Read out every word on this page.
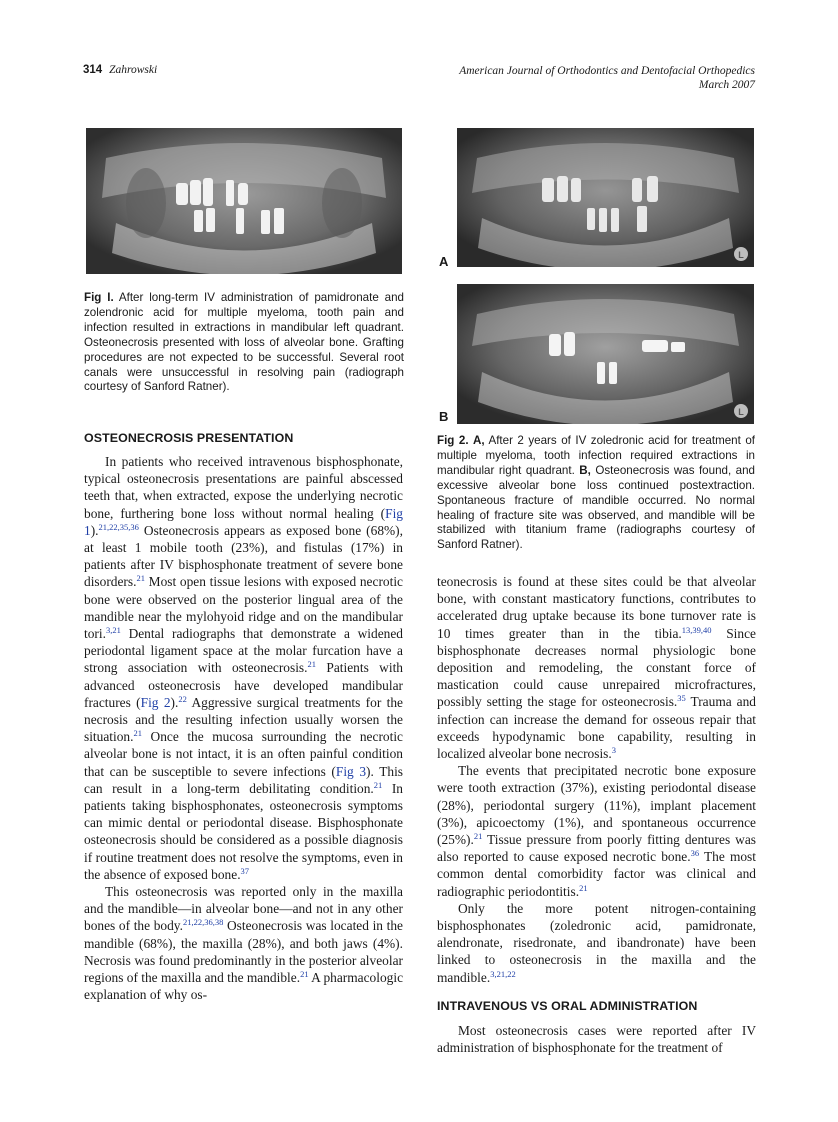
314 Zahrowski	American Journal of Orthodontics and Dentofacial Orthopedics
March 2007
Fig I. After long-term IV administration of pamidronate and zolendronic acid for multiple myeloma, tooth pain and infection resulted in extractions in mandibular left quadrant. Osteonecrosis presented with loss of alveolar bone. Grafting procedures are not expected to be successful. Several root canals were unsuccessful in resolving pain (radiograph courtesy of Sanford Ratner).
L
A
L
B
Fig 2. A, After 2 years of IV zoledronic acid for treatment of multiple myeloma, tooth infection required extractions in mandibular right quadrant. B, Osteonecrosis was found, and excessive alveolar bone loss continued postextraction. Spontaneous fracture of mandible occurred. No normal healing of fracture site was observed, and mandible will be stabilized with titanium frame (radiographs courtesy of Sanford Ratner).
OSTEONECROSIS PRESENTATION

In patients who received intravenous bisphosphonate, typical osteonecrosis presentations are painful abscessed teeth that, when extracted, expose the underlying necrotic bone, furthering bone loss without normal healing (Fig 1).$^{21,22,35,36}$ Osteonecrosis appears as exposed bone (68%), at least 1 mobile tooth (23%), and fistulas (17%) in patients after IV bisphosphonate treatment of severe bone disorders.$^{21}$ Most open tissue lesions with exposed necrotic bone were observed on the posterior lingual area of the mandible near the mylohyoid ridge and on the mandibular tori.$^{3,21}$ Dental radiographs that demonstrate a widened periodontal ligament space at the molar furcation have a strong association with osteonecrosis.$^{21}$ Patients with advanced osteonecrosis have developed mandibular fractures (Fig 2).$^{22}$ Aggressive surgical treatments for the necrosis and the resulting infection usually worsen the situation.$^{21}$ Once the mucosa surrounding the necrotic alveolar bone is not intact, it is an often painful condition that can be susceptible to severe infections (Fig 3). This can result in a long-term debilitating condition.$^{21}$ In patients taking bisphosphonates, osteonecrosis symptoms can mimic dental or periodontal disease. Bisphosphonate osteonecrosis should be considered as a possible diagnosis if routine treatment does not resolve the symptoms, even in the absence of exposed bone.$^{37}$

This osteonecrosis was reported only in the maxilla and the mandible—in alveolar bone—and not in any other bones of the body.$^{21,22,36,38}$ Osteonecrosis was located in the mandible (68%), the maxilla (28%), and both jaws (4%). Necrosis was found predominantly in the posterior alveolar regions of the maxilla and the mandible.$^{21}$ A pharmacologic explanation of why os-

teonecrosis is found at these sites could be that alveolar bone, with constant masticatory functions, contributes to accelerated drug uptake because its bone turnover rate is 10 times greater than in the tibia.$^{13,39,40}$ Since bisphosphonate decreases normal physiologic bone deposition and remodeling, the constant force of mastication could cause unrepaired microfractures, possibly setting the stage for osteonecrosis.$^{35}$ Trauma and infection can increase the demand for osseous repair that exceeds hypodynamic bone capability, resulting in localized alveolar bone necrosis.$^3$

The events that precipitated necrotic bone exposure were tooth extraction (37%), existing periodontal disease (28%), periodontal surgery (11%), implant placement (3%), apicoectomy (1%), and spontaneous occurrence (25%).$^{21}$ Tissue pressure from poorly fitting dentures was also reported to cause exposed necrotic bone.$^{36}$ The most common dental comorbidity factor was clinical and radiographic periodontitis.$^{21}$

Only the more potent nitrogen-containing bisphosphonates (zoledronic acid, pamidronate, alendronate, risedronate, and ibandronate) have been linked to osteonecrosis in the maxilla and the mandible.$^{3,21,22}$

INTRAVENOUS VS ORAL ADMINISTRATION

Most osteonecrosis cases were reported after IV administration of bisphosphonate for the treatment of
